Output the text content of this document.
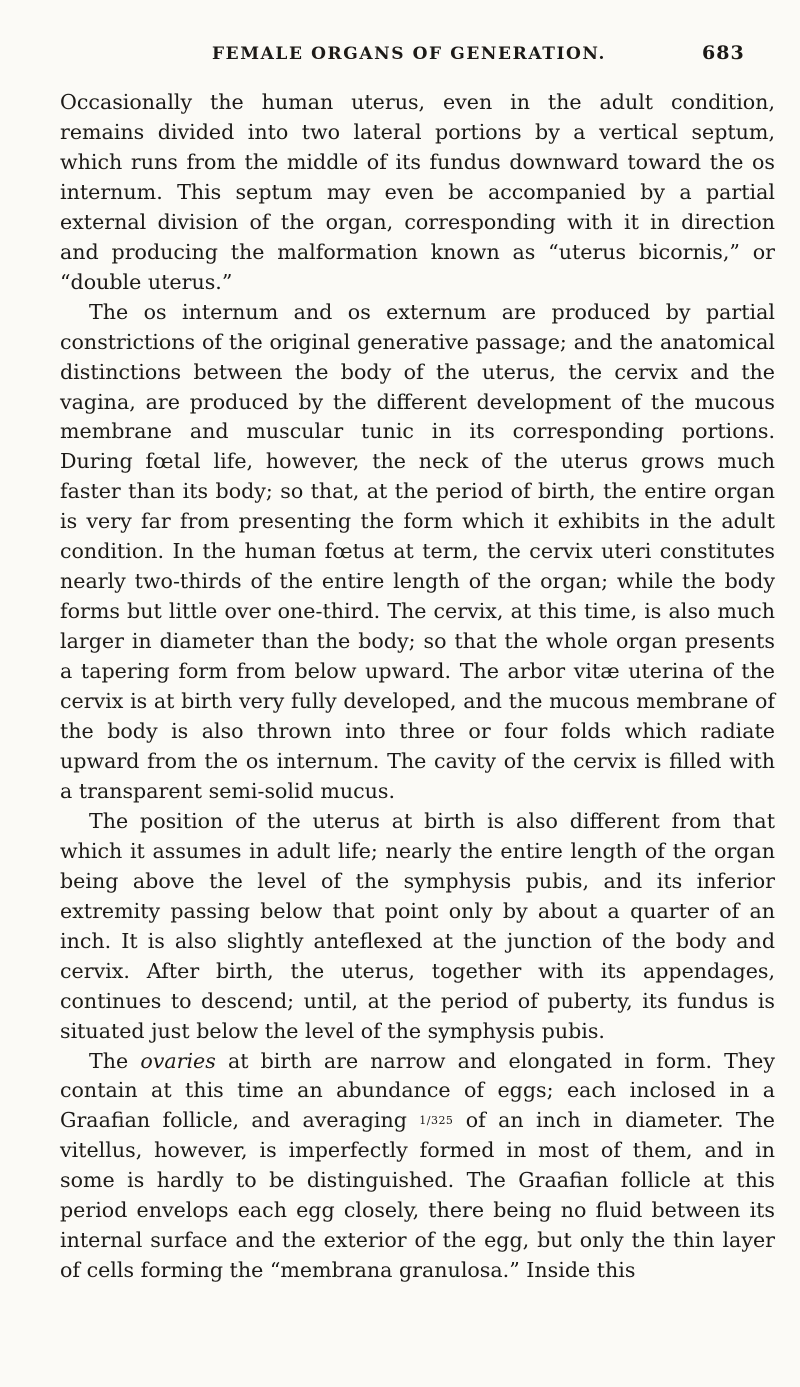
FEMALE ORGANS OF GENERATION.	683

Occasionally the human uterus, even in the adult condition, remains divided into two lateral portions by a vertical septum, which runs from the middle of its fundus downward toward the os internum. This septum may even be accompanied by a partial external division of the organ, corresponding with it in direction and producing the malformation known as “uterus bicornis,” or “double uterus.”

The os internum and os externum are produced by partial constrictions of the original generative passage; and the anatomical distinctions between the body of the uterus, the cervix and the vagina, are produced by the different development of the mucous membrane and muscular tunic in its corresponding portions. During fœtal life, however, the neck of the uterus grows much faster than its body; so that, at the period of birth, the entire organ is very far from presenting the form which it exhibits in the adult condition. In the human fœtus at term, the cervix uteri constitutes nearly two-thirds of the entire length of the organ; while the body forms but little over one-third. The cervix, at this time, is also much larger in diameter than the body; so that the whole organ presents a tapering form from below upward. The arbor vitæ uterina of the cervix is at birth very fully developed, and the mucous membrane of the body is also thrown into three or four folds which radiate upward from the os internum. The cavity of the cervix is filled with a transparent semi-solid mucus.

The position of the uterus at birth is also different from that which it assumes in adult life; nearly the entire length of the organ being above the level of the symphysis pubis, and its inferior extremity passing below that point only by about a quarter of an inch. It is also slightly anteflexed at the junction of the body and cervix. After birth, the uterus, together with its appendages, continues to descend; until, at the period of puberty, its fundus is situated just below the level of the symphysis pubis.

The ovaries at birth are narrow and elongated in form. They contain at this time an abundance of eggs; each inclosed in a Graafian follicle, and averaging 1/325 of an inch in diameter. The vitellus, however, is imperfectly formed in most of them, and in some is hardly to be distinguished. The Graafian follicle at this period envelops each egg closely, there being no fluid between its internal surface and the exterior of the egg, but only the thin layer of cells forming the “membrana granulosa.” Inside this
